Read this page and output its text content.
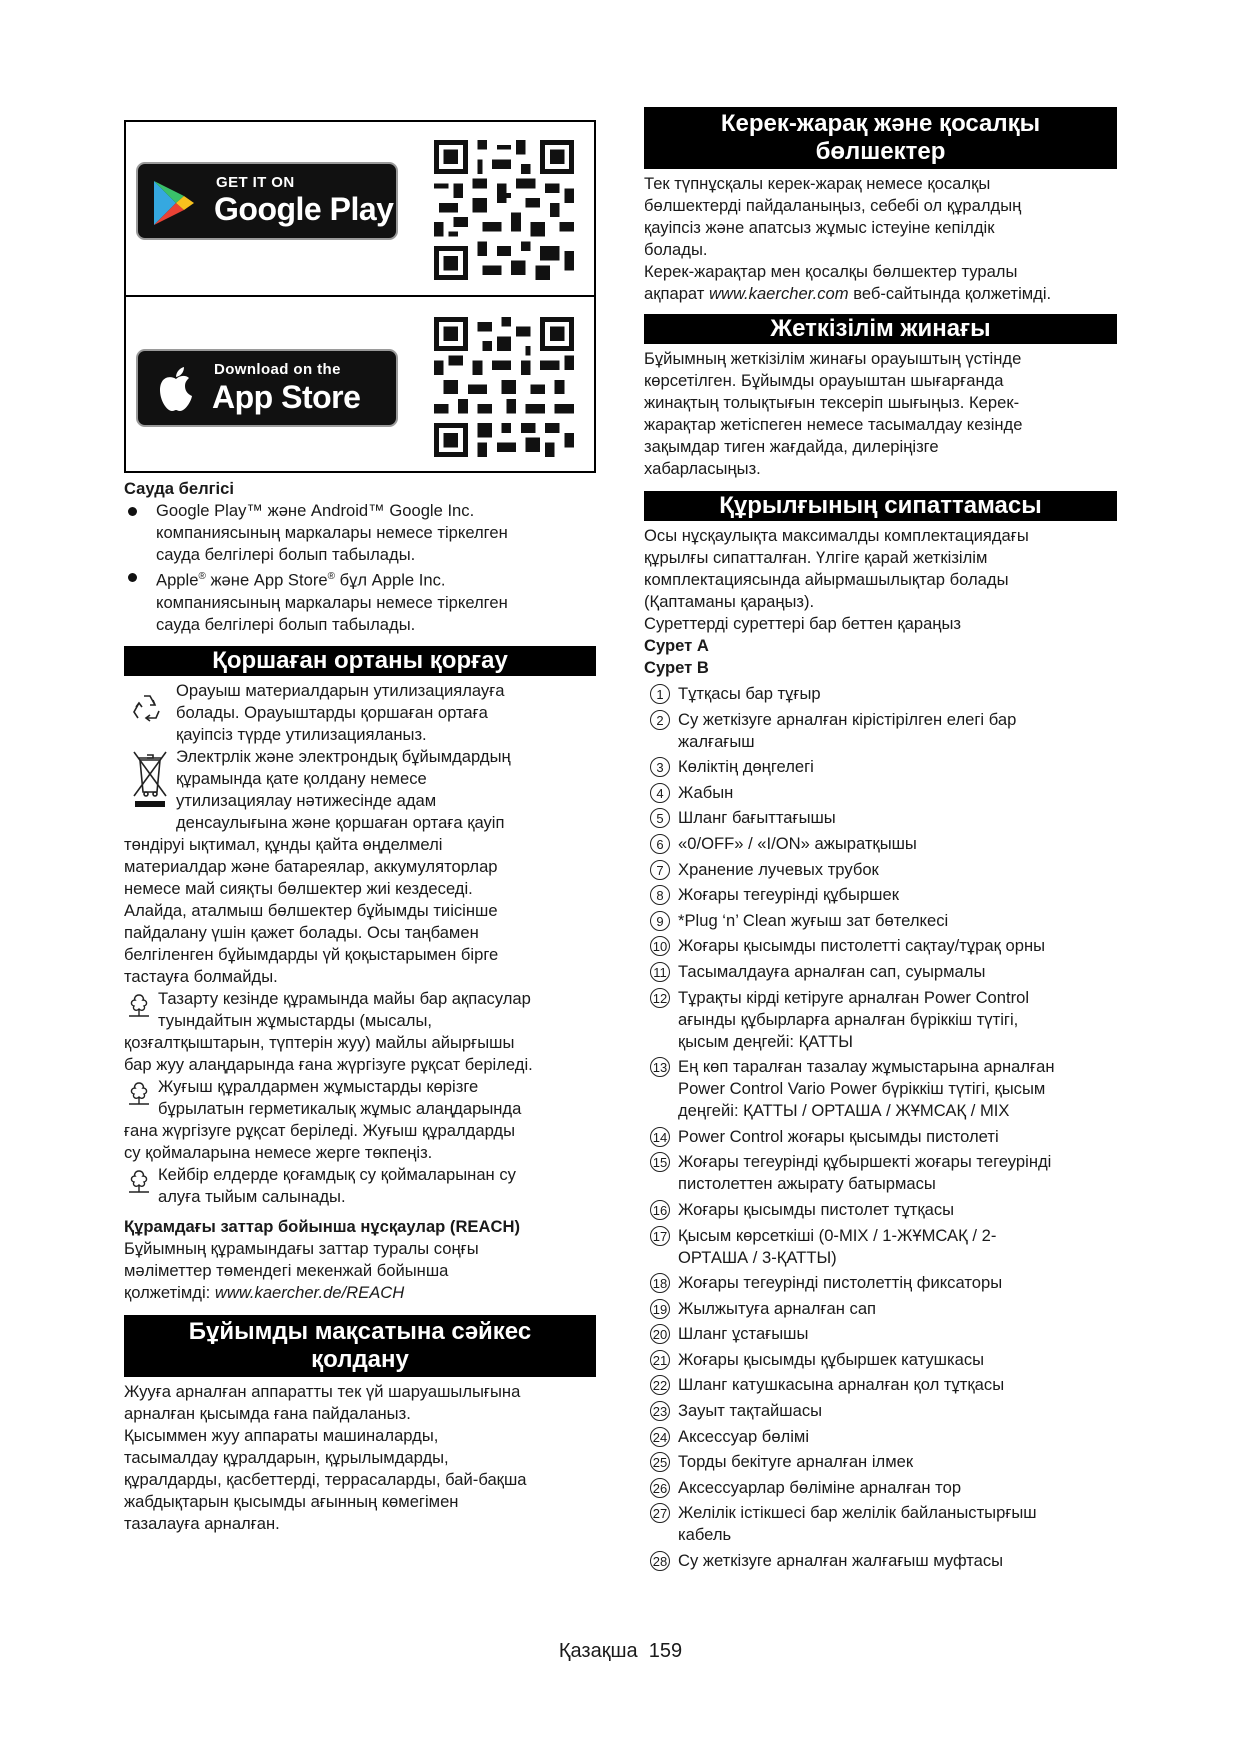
GET IT ON
Google Play
Download on the
App Store

Сауда белгісі

Google Play™ және Android™ Google Inc.

компаниясының маркалары немесе тіркелген

сауда белгілері болып табылады.

Apple® және App Store® бұл Apple Inc.

компаниясының маркалары немесе тіркелген

сауда белгілері болып табылады.

Қоршаған ортаны қорғау

Орауыш материалдарын утилизациялауға

болады. Орауыштарды қоршаған ортаға

қауіпсіз түрде утилизацияланыз.

Электрлік және электрондық бұйымдардың

құрамында қате қолдану немесе

утилизациялау нәтижесінде адам

денсаулығына және қоршаған ортаға қауіп

төндіруі ықтимал, құнды қайта өңделмелі

материалдар және батареялар, аккумуляторлар

немесе май сияқты бөлшектер жиі кездеседі.

Алайда, аталмыш бөлшектер бұйымды тиісінше

пайдалану үшін қажет болады. Осы таңбамен

белгіленген бұйымдарды үй қоқыстарымен бірге

тастауға болмайды.

Тазарту кезінде құрамында майы бар ақпасулар

туындайтын жұмыстарды (мысалы,

қозғалтқыштарын, түптерін жуу) майлы айырғышы

бар жуу алаңдарында ғана жүргізуге рұқсат беріледі.

Жуғыш құралдармен жұмыстарды көрізге

бұрылатын герметикалық жұмыс алаңдарында

ғана жүргізуге рұқсат беріледі. Жуғыш құралдарды

су қоймаларына немесе жерге төкпеңіз.

Кейбір елдерде қоғамдық су қоймаларынан су

алуға тыйым салынады.

Құрамдағы заттар бойынша нұсқаулар (REACH)

Бұйымның құрамындағы заттар туралы соңғы

мәліметтер төмендегі мекенжай бойынша

қолжетімді: www.kaercher.de/REACH

Бұйымды мақсатына сәйкес
қолдану

Жууға арналған аппаратты тек үй шаруашылығына

арналған қысымда ғана пайдаланыз.

Қысыммен жуу аппараты машиналарды,

тасымалдау құралдарын, құрылымдарды,

құралдарды, қасбеттерді, террасаларды, бай-бақша

жабдықтарын қысымды ағынның көмегімен

тазалауға арналған.

Керек-жарақ және қосалқы
бөлшектер

Тек түпнұсқалы керек-жарақ немесе қосалқы

бөлшектерді пайдаланыңыз, себебі ол құралдың

қауіпсіз және апатсыз жұмыс істеуіне кепілдік

болады.

Керек-жарақтар мен қосалқы бөлшектер туралы

ақпарат www.kaercher.com веб-сайтында қолжетімді.

Жеткізілім жинағы

Бұйымның жеткізілім жинағы орауыштың үстінде

көрсетілген. Бұйымды орауыштан шығарғанда

жинақтың толықтығын тексеріп шығыңыз. Керек-

жарақтар жетіспеген немесе тасымалдау кезінде

зақымдар тиген жағдайда, дилеріңізге

хабарласыңыз.

Құрылғының сипаттамасы

Осы нұсқаулықта максималды комплектациядағы

құрылғы сипатталған. Үлгіге қарай жеткізілім

комплектациясында айырмашылықтар болады

(Қаптаманы қараңыз).

Суреттерді суреттері бар беттен қараңыз

Сурет A

Сурет B

1 Тұтқасы бар тұғыр

2 Су жеткізуге арналған кірістірілген елегі бар

жалғағыш

3 Көліктің дөңгелегі

4 Жабын

5 Шланг бағыттағышы

6 «0/OFF» / «I/ON» ажыратқышы

7 Хранение лучевых трубок

8 Жоғары тегеурінді құбыршек

9 *Plug ‘n’ Clean жуғыш зат бөтелкесі

10 Жоғары қысымды пистолетті сақтау/тұрақ орны

11 Тасымалдауға арналған сап, суырмалы

12 Тұрақты кірді кетіруге арналған Power Control

ағынды құбырларға арналған бүріккіш түтігі,

қысым деңгейі: ҚАТТЫ

13 Ең көп таралған тазалау жұмыстарына арналған

Power Control Vario Power бүріккіш түтігі, қысым

деңгейі: ҚАТТЫ / ОРТАША / ЖҰМСАҚ / MIX

14 Power Control жоғары қысымды пистолеті

15 Жоғары тегеурінді құбыршекті жоғары тегеурінді

пистолеттен ажырату батырмасы

16 Жоғары қысымды пистолет тұтқасы

17 Қысым көрсеткіші (0-MIX / 1-ЖҰМСАҚ / 2-

ОРТАША / 3-ҚАТТЫ)

18 Жоғары тегеурінді пистолеттің фиксаторы

19 Жылжытуға арналған сап

20 Шланг ұстағышы

21 Жоғары қысымды құбыршек катушкасы

22 Шланг катушкасына арналған қол тұтқасы

23 Зауыт тақтайшасы

24 Аксессуар бөлімі

25 Торды бекітуге арналған ілмек

26 Аксессуарлар бөліміне арналған тор

27 Желілік істікшесі бар желілік байланыстырғыш

кабель

28 Су жеткізуге арналған жалғағыш муфтасы

Қазақша 159
